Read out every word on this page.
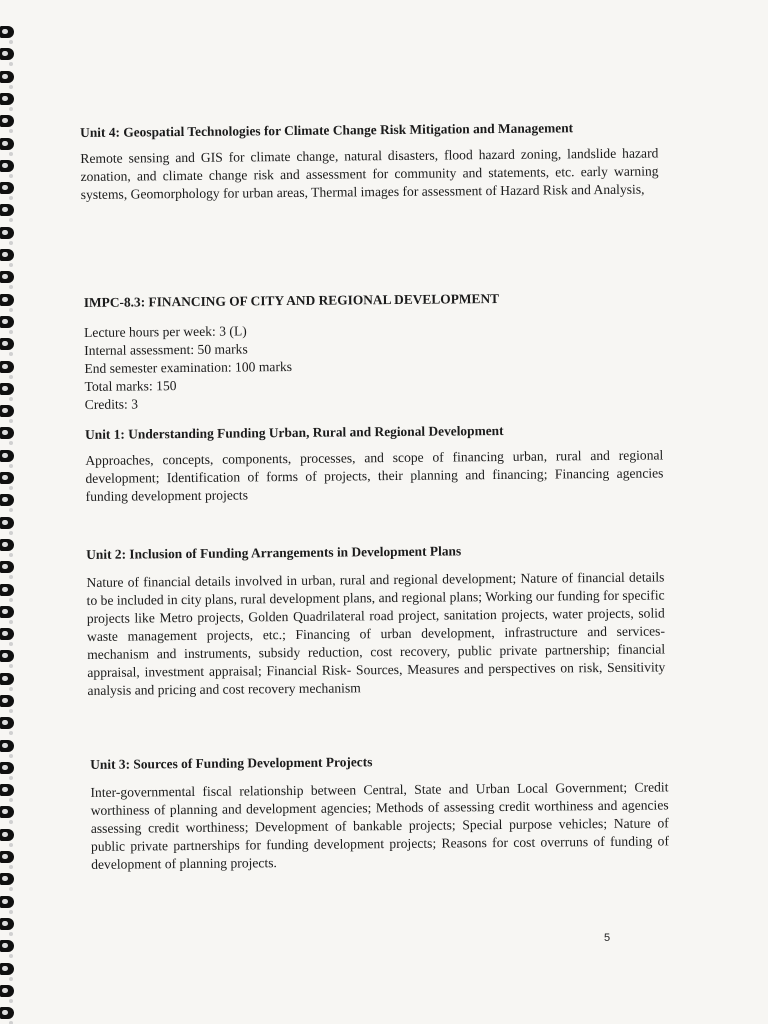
Unit 4: Geospatial Technologies for Climate Change Risk Mitigation and Management

Remote sensing and GIS for climate change, natural disasters, flood hazard zoning, landslide hazard zonation, and climate change risk and assessment for community and statements, etc. early warning systems, Geomorphology for urban areas, Thermal images for assessment of Hazard Risk and Analysis,

IMPC-8.3: FINANCING OF CITY AND REGIONAL DEVELOPMENT

Lecture hours per week: 3 (L)

Internal assessment: 50 marks

End semester examination: 100 marks

Total marks: 150

Credits: 3

Unit 1: Understanding Funding Urban, Rural and Regional Development

Approaches, concepts, components, processes, and scope of financing urban, rural and regional development; Identification of forms of projects, their planning and financing; Financing agencies funding development projects

Unit 2: Inclusion of Funding Arrangements in Development Plans

Nature of financial details involved in urban, rural and regional development; Nature of financial details to be included in city plans, rural development plans, and regional plans; Working our funding for specific projects like Metro projects, Golden Quadrilateral road project, sanitation projects, water projects, solid waste management projects, etc.; Financing of urban development, infrastructure and services- mechanism and instruments, subsidy reduction, cost recovery, public private partnership; financial appraisal, investment appraisal; Financial Risk- Sources, Measures and perspectives on risk, Sensitivity analysis and pricing and cost recovery mechanism

Unit 3: Sources of Funding Development Projects

Inter-governmental fiscal relationship between Central, State and Urban Local Government; Credit worthiness of planning and development agencies; Methods of assessing credit worthiness and agencies assessing credit worthiness; Development of bankable projects; Special purpose vehicles; Nature of public private partnerships for funding development projects; Reasons for cost overruns of funding of development of planning projects.

5
